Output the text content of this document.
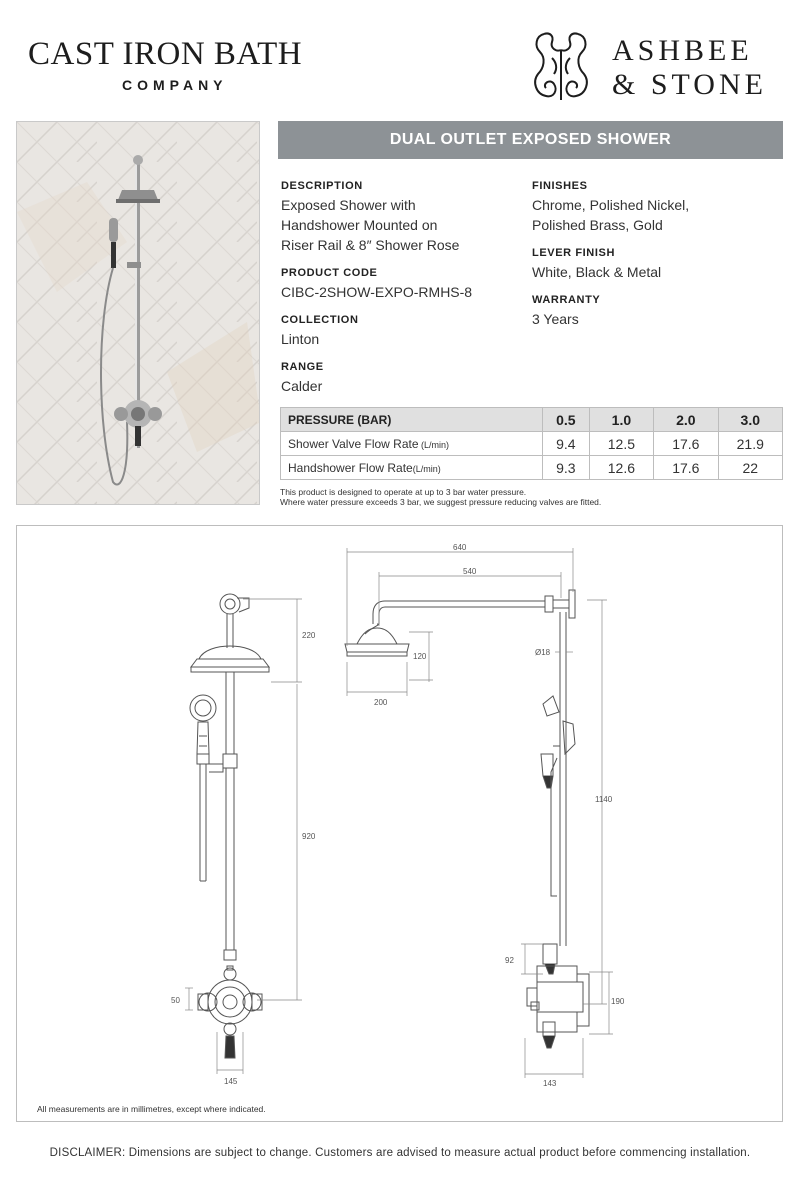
CAST IRON BATH
COMPANY
ASHBEE
& STONE
DUAL OUTLET EXPOSED SHOWER
DESCRIPTION
Exposed Shower with
Handshower Mounted on
Riser Rail & 8″ Shower Rose
PRODUCT CODE
CIBC-2SHOW-EXPO-RMHS-8
COLLECTION
Linton
RANGE
Calder
FINISHES
Chrome, Polished Nickel,
Polished Brass, Gold
LEVER FINISH
White, Black & Metal
WARRANTY
3 Years
PRESSURE (BAR)	0.5	1.0	2.0	3.0
Shower Valve Flow Rate (L/min)	9.4	12.5	17.6	21.9
Handshower Flow Rate(L/min)	9.3	12.6	17.6	22
This product is designed to operate at up to 3 bar water pressure.
Where water pressure exceeds 3 bar, we suggest pressure reducing valves are fitted.
220
920
50
145
640
540
120
200
Ø18
1140
92
190
143
All measurements are in millimetres, except where indicated.
DISCLAIMER: Dimensions are subject to change. Customers are advised to measure actual product before commencing installation.
